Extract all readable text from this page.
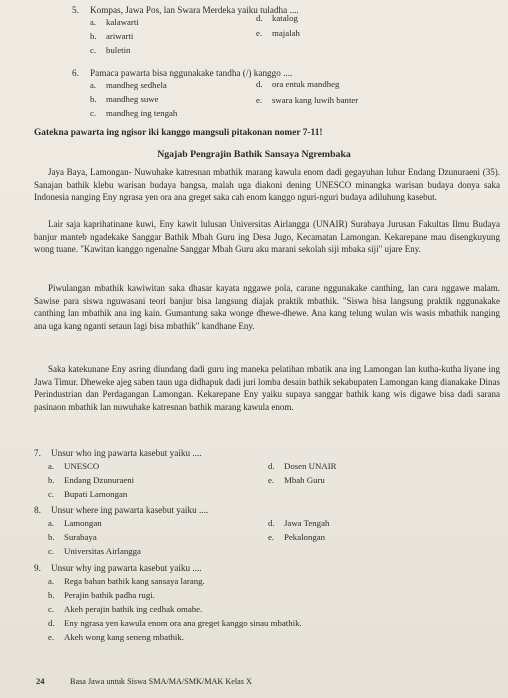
5. Kompas, Jawa Pos, lan Swara Merdeka yaiku tuladha ....
a. kalawarti
b. ariwarti
c. buletin
d. katalog
e. majalah
6. Pamaca pawarta bisa nggunakake tandha (/) kanggo ....
a. mandheg sedhela
b. mandheg suwe
c. mandheg ing tengah
d. ora entuk mandheg
e. swara kang luwih banter
Gatekna pawarta ing ngisor iki kanggo mangsuli pitakonan nomer 7-11!
Ngajab Pengrajin Bathik Sansaya Ngrembaka

Jaya Baya, Lamongan- Nuwuhake katresnan mbathik marang kawula enom dadi gegayuhan luhur Endang Dzunuraeni (35). Sanajan bathik klebu warisan budaya bangsa, malah uga diakoni dening UNESCO minangka warisan budaya donya saka Indonesia nanging Eny ngrasa yen ora ana greget saka cah enom kanggo nguri-nguri budaya adiluhung kasebut.

Lair saja kaprihatinane kuwi, Eny kawit lulusan Universitas Airlangga (UNAIR) Surabaya Jurusan Fakultas Ilmu Budaya banjur manteb ngadekake Sanggar Bathik Mbah Guru ing Desa Jugo, Kecamatan Lamongan. Kekarepane mau disengkuyung wong tuane. "Kawitan kanggo ngenalne Sanggar Mbah Guru aku marani sekolah siji mbaka siji" ujare Eny.

Piwulangan mbathik kawiwitan saka dhasar kayata nggawe pola, carane nggunakake canthing, lan cara nggawe malam. Sawise para siswa nguwasani teori banjur bisa langsung diajak praktik mbathik. "Siswa bisa langsung praktik nggunakake canthing lan mbathik ana ing kain. Gumantung saka wonge dhewe-dhewe. Ana kang telung wulan wis wasis mbathik nanging ana uga kang nganti setaun lagi bisa mbathik" kandhane Eny.

Saka katekunane Eny asring diundang dadi guru ing maneka pelatihan mbatik ana ing Lamongan lan kutha-kutha liyane ing Jawa Timur. Dheweke ajeg saben taun uga didhapuk dadi juri lomba desain bathik sekabupaten Lamongan kang dianakake Dinas Perindustrian dan Perdagangan Lamongan. Kekarepane Eny yaiku supaya sanggar bathik kang wis digawe bisa dadi sarana pasinaon mbathik lan nuwuhake katresnan bathik marang kawula enom.

7. Unsur who ing pawarta kasebut yaiku ....
a. UNESCO
b. Endang Dzunuraeni
c. Bupati Lamongan
d. Dosen UNAIR
e. Mbah Guru
8. Unsur where ing pawarta kasebut yaiku ....
a. Lamongan
b. Surabaya
c. Universitas Airlangga
d. Jawa Tengah
e. Pekalongan
9. Unsur why ing pawarta kasebut yaiku ....
a. Rega bahan bathik kang sansaya larang.
b. Perajin bathik padha rugi.
c. Akeh perajin bathik ing cedhak omahe.
d. Eny ngrasa yen kawula enom ora ana greget kanggo sinau mbathik.
e. Akeh wong kang seneng mbathik.
24	Basa Jawa untuk Siswa SMA/MA/SMK/MAK Kelas X
